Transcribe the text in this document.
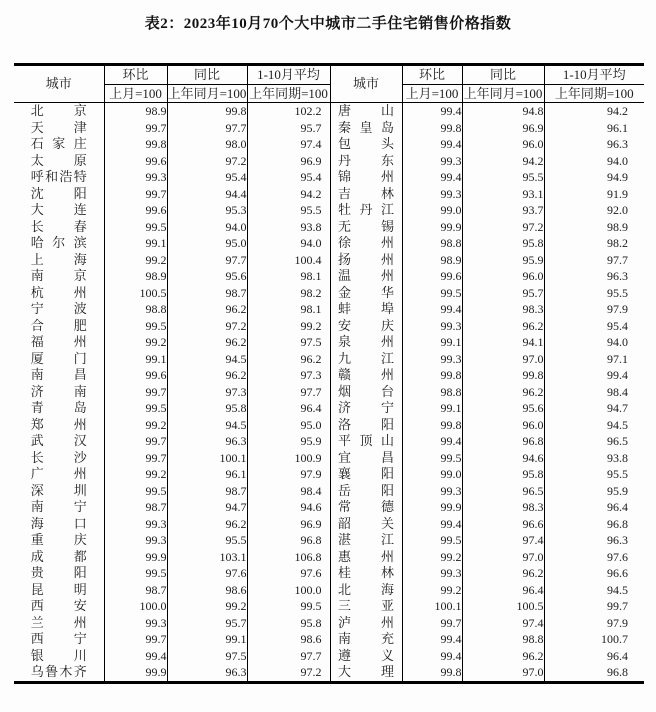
表2：2023年10月70个大中城市二手住宅销售价格指数
城市	环比	同比	1-10月平均	城市	环比	同比	1-10月平均
	上月=100	上年同月=100	上年同期=100		上月=100	上年同月=100	上年同期=100

北 京	98.9	99.8	102.2	唐 山	99.4	94.8	94.2

天 津	99.7	97.7	95.7	秦 皇 岛	99.8	96.9	96.1

石 家 庄	99.8	98.0	97.4	包 头	99.4	96.0	96.3

太 原	99.6	97.2	96.9	丹 东	99.3	94.2	94.0

呼 和 浩 特	99.3	95.4	95.4	锦 州	99.4	95.5	94.9

沈 阳	99.7	94.4	94.2	吉 林	99.3	93.1	91.9

大 连	99.6	95.3	95.5	牡 丹 江	99.0	93.7	92.0

长 春	99.5	94.0	93.8	无 锡	99.9	97.2	98.9

哈 尔 滨	99.1	95.0	94.0	徐 州	98.8	95.8	98.2

上 海	99.2	97.7	100.4	扬 州	98.9	95.9	97.7

南 京	98.9	95.6	98.1	温 州	99.6	96.0	96.3

杭 州	100.5	98.7	98.2	金 华	99.5	95.7	95.5

宁 波	98.8	96.2	98.1	蚌 埠	99.4	98.3	97.9

合 肥	99.5	97.2	99.2	安 庆	99.3	96.2	95.4

福 州	99.2	96.2	97.5	泉 州	99.1	94.1	94.0

厦 门	99.1	94.5	96.2	九 江	99.3	97.0	97.1

南 昌	99.6	96.2	97.3	赣 州	99.8	99.8	99.4

济 南	99.7	97.3	97.7	烟 台	98.8	96.2	98.4

青 岛	99.5	95.8	96.4	济 宁	99.1	95.6	94.7

郑 州	99.2	94.5	95.0	洛 阳	99.8	96.0	94.5

武 汉	99.7	96.3	95.9	平 顶 山	99.4	96.8	96.5

长 沙	99.7	100.1	100.9	宜 昌	99.5	94.6	93.8

广 州	99.2	96.1	97.9	襄 阳	99.0	95.8	95.5

深 圳	99.5	98.7	98.4	岳 阳	99.3	96.5	95.9

南 宁	98.7	94.7	94.6	常 德	99.9	98.3	96.4

海 口	99.3	96.2	96.9	韶 关	99.4	96.6	96.8

重 庆	99.3	95.5	96.8	湛 江	99.5	97.4	96.3

成 都	99.9	103.1	106.8	惠 州	99.2	97.0	97.6

贵 阳	99.5	97.6	97.6	桂 林	99.3	96.2	96.6

昆 明	98.7	98.6	100.0	北 海	99.2	96.4	94.5

西 安	100.0	99.2	99.5	三 亚	100.1	100.5	99.7

兰 州	99.3	95.7	95.8	泸 州	99.7	97.4	97.9

西 宁	99.7	99.1	98.6	南 充	99.4	98.8	100.7

银 川	99.4	97.5	97.7	遵 义	99.4	96.2	96.4

乌 鲁 木 齐	99.9	96.3	97.2	大 理	99.8	97.0	96.8
